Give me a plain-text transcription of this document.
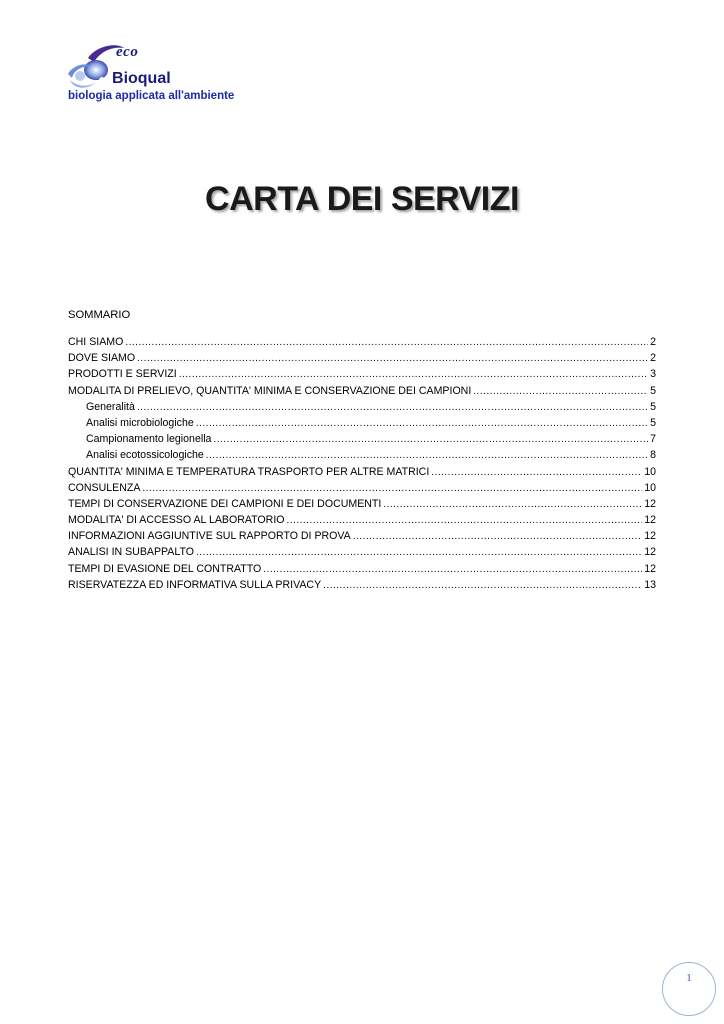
eco
Bioqual
biologia applicata all'ambiente
CARTA DEI SERVIZI
SOMMARIO
CHI SIAMO .....	2
DOVE SIAMO .....	2
PRODOTTI E SERVIZI .....	3
MODALITA DI PRELIEVO, QUANTITA' MINIMA E CONSERVAZIONE DEI CAMPIONI .....	5
Generalità .....	5
Analisi microbiologiche .....	5
Campionamento legionella .....	7
Analisi ecotossicologiche .....	8
QUANTITA' MINIMA E TEMPERATURA TRASPORTO PER ALTRE MATRICI .....	10
CONSULENZA .....	10
TEMPI DI CONSERVAZIONE DEI CAMPIONI E DEI DOCUMENTI .....	12
MODALITA' DI ACCESSO AL LABORATORIO .....	12
INFORMAZIONI AGGIUNTIVE SUL RAPPORTO DI PROVA .....	12
ANALISI IN SUBAPPALTO .....	12
TEMPI DI EVASIONE DEL CONTRATTO .....	12
RISERVATEZZA ED INFORMATIVA SULLA PRIVACY .....	13
1
